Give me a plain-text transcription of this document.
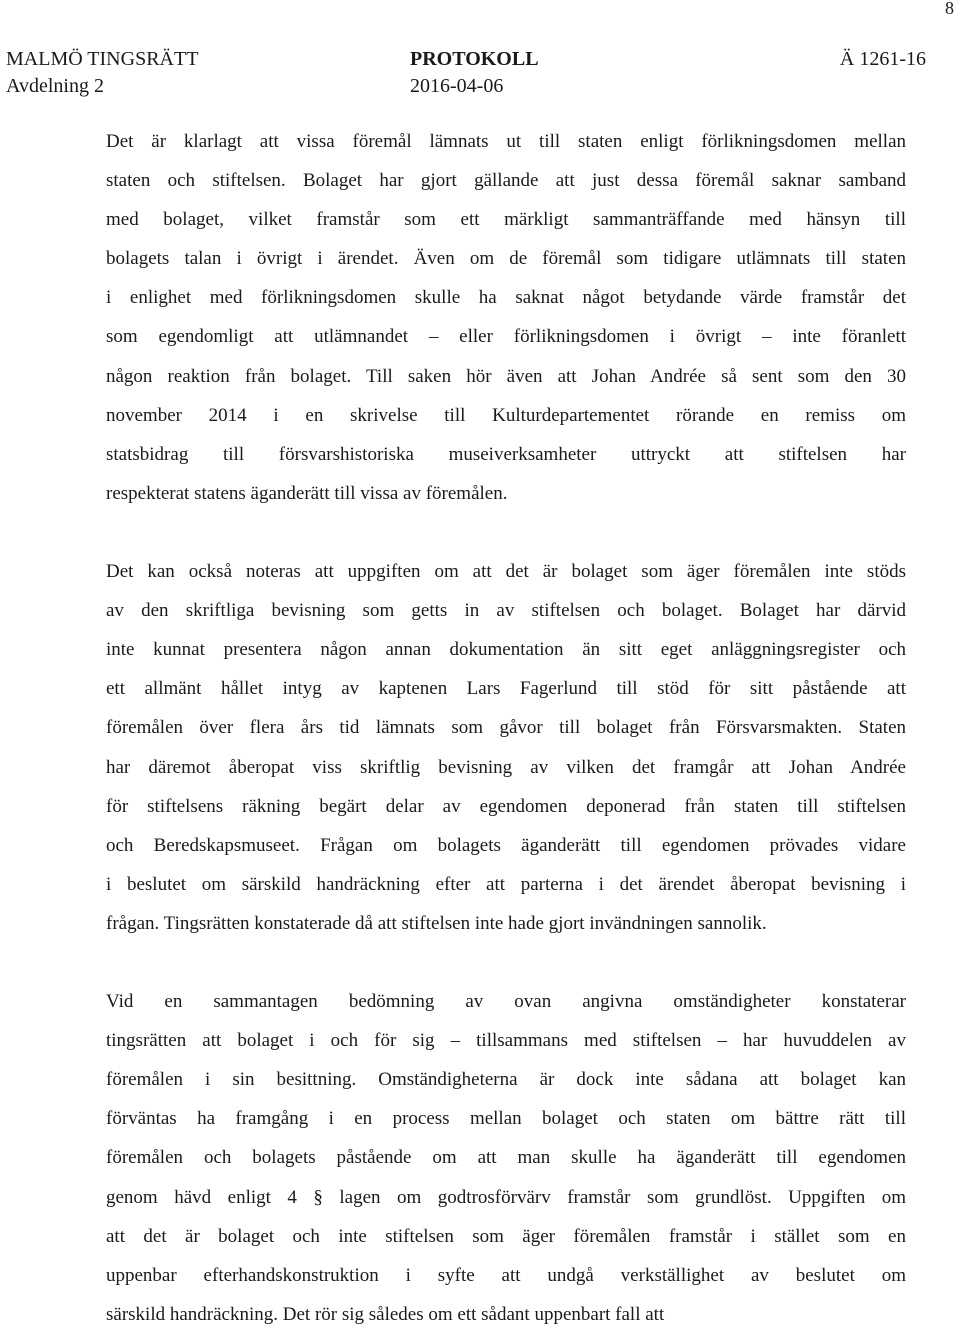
8
MALMÖ TINGSRÄTT	PROTOKOLL	Ä 1261-16
Avdelning 2	2016-04-06
Det är klarlagt att vissa föremål lämnats ut till staten enligt förlikningsdomen mellan
staten och stiftelsen. Bolaget har gjort gällande att just dessa föremål saknar samband
med bolaget, vilket framstår som ett märkligt sammanträffande med hänsyn till
bolagets talan i övrigt i ärendet. Även om de föremål som tidigare utlämnats till staten
i enlighet med förlikningsdomen skulle ha saknat något betydande värde framstår det
som egendomligt att utlämnandet – eller förlikningsdomen i övrigt – inte föranlett
någon reaktion från bolaget. Till saken hör även att Johan Andrée så sent som den 30
november 2014 i en skrivelse till Kulturdepartementet rörande en remiss om
statsbidrag till försvarshistoriska museiverksamheter uttryckt att stiftelsen har
respekterat statens äganderätt till vissa av föremålen.
Det kan också noteras att uppgiften om att det är bolaget som äger föremålen inte stöds
av den skriftliga bevisning som getts in av stiftelsen och bolaget. Bolaget har därvid
inte kunnat presentera någon annan dokumentation än sitt eget anläggningsregister och
ett allmänt hållet intyg av kaptenen Lars Fagerlund till stöd för sitt påstående att
föremålen över flera års tid lämnats som gåvor till bolaget från Försvarsmakten. Staten
har däremot åberopat viss skriftlig bevisning av vilken det framgår att Johan Andrée
för stiftelsens räkning begärt delar av egendomen deponerad från staten till stiftelsen
och Beredskapsmuseet. Frågan om bolagets äganderätt till egendomen prövades vidare
i beslutet om särskild handräckning efter att parterna i det ärendet åberopat bevisning i
frågan. Tingsrätten konstaterade då att stiftelsen inte hade gjort invändningen sannolik.
Vid en sammantagen bedömning av ovan angivna omständigheter konstaterar
tingsrätten att bolaget i och för sig – tillsammans med stiftelsen – har huvuddelen av
föremålen i sin besittning. Omständigheterna är dock inte sådana att bolaget kan
förväntas ha framgång i en process mellan bolaget och staten om bättre rätt till
föremålen och bolagets påstående om att man skulle ha äganderätt till egendomen
genom hävd enligt 4 § lagen om godtrosförvärv framstår som grundlöst. Uppgiften om
att det är bolaget och inte stiftelsen som äger föremålen framstår i stället som en
uppenbar efterhandskonstruktion i syfte att undgå verkställighet av beslutet om
särskild handräckning. Det rör sig således om ett sådant uppenbart fall att
